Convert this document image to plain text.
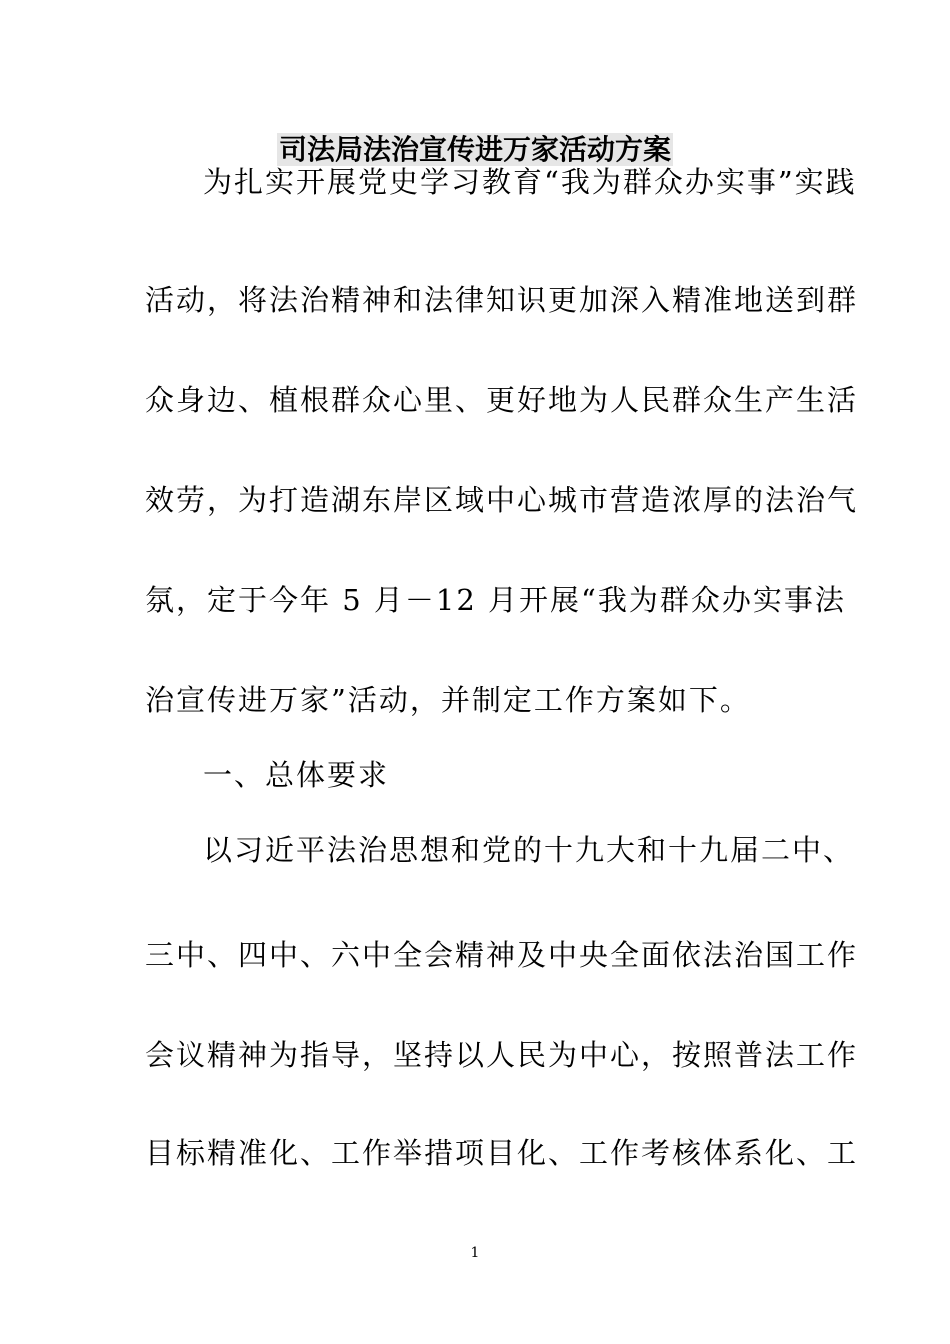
司法局法治宣传进万家活动方案
为扎实开展党史学习教育“我为群众办实事”实践
活动，将法治精神和法律知识更加深入精准地送到群
众身边、植根群众心里、更好地为人民群众生产生活
效劳，为打造湖东岸区域中心城市营造浓厚的法治气
氛，定于今年 5 月－12 月开展“我为群众办实事法
治宣传进万家”活动，并制定工作方案如下。
一、总体要求
以习近平法治思想和党的十九大和十九届二中、
三中、四中、六中全会精神及中央全面依法治国工作
会议精神为指导，坚持以人民为中心，按照普法工作
目标精准化、工作举措项目化、工作考核体系化、工
1
